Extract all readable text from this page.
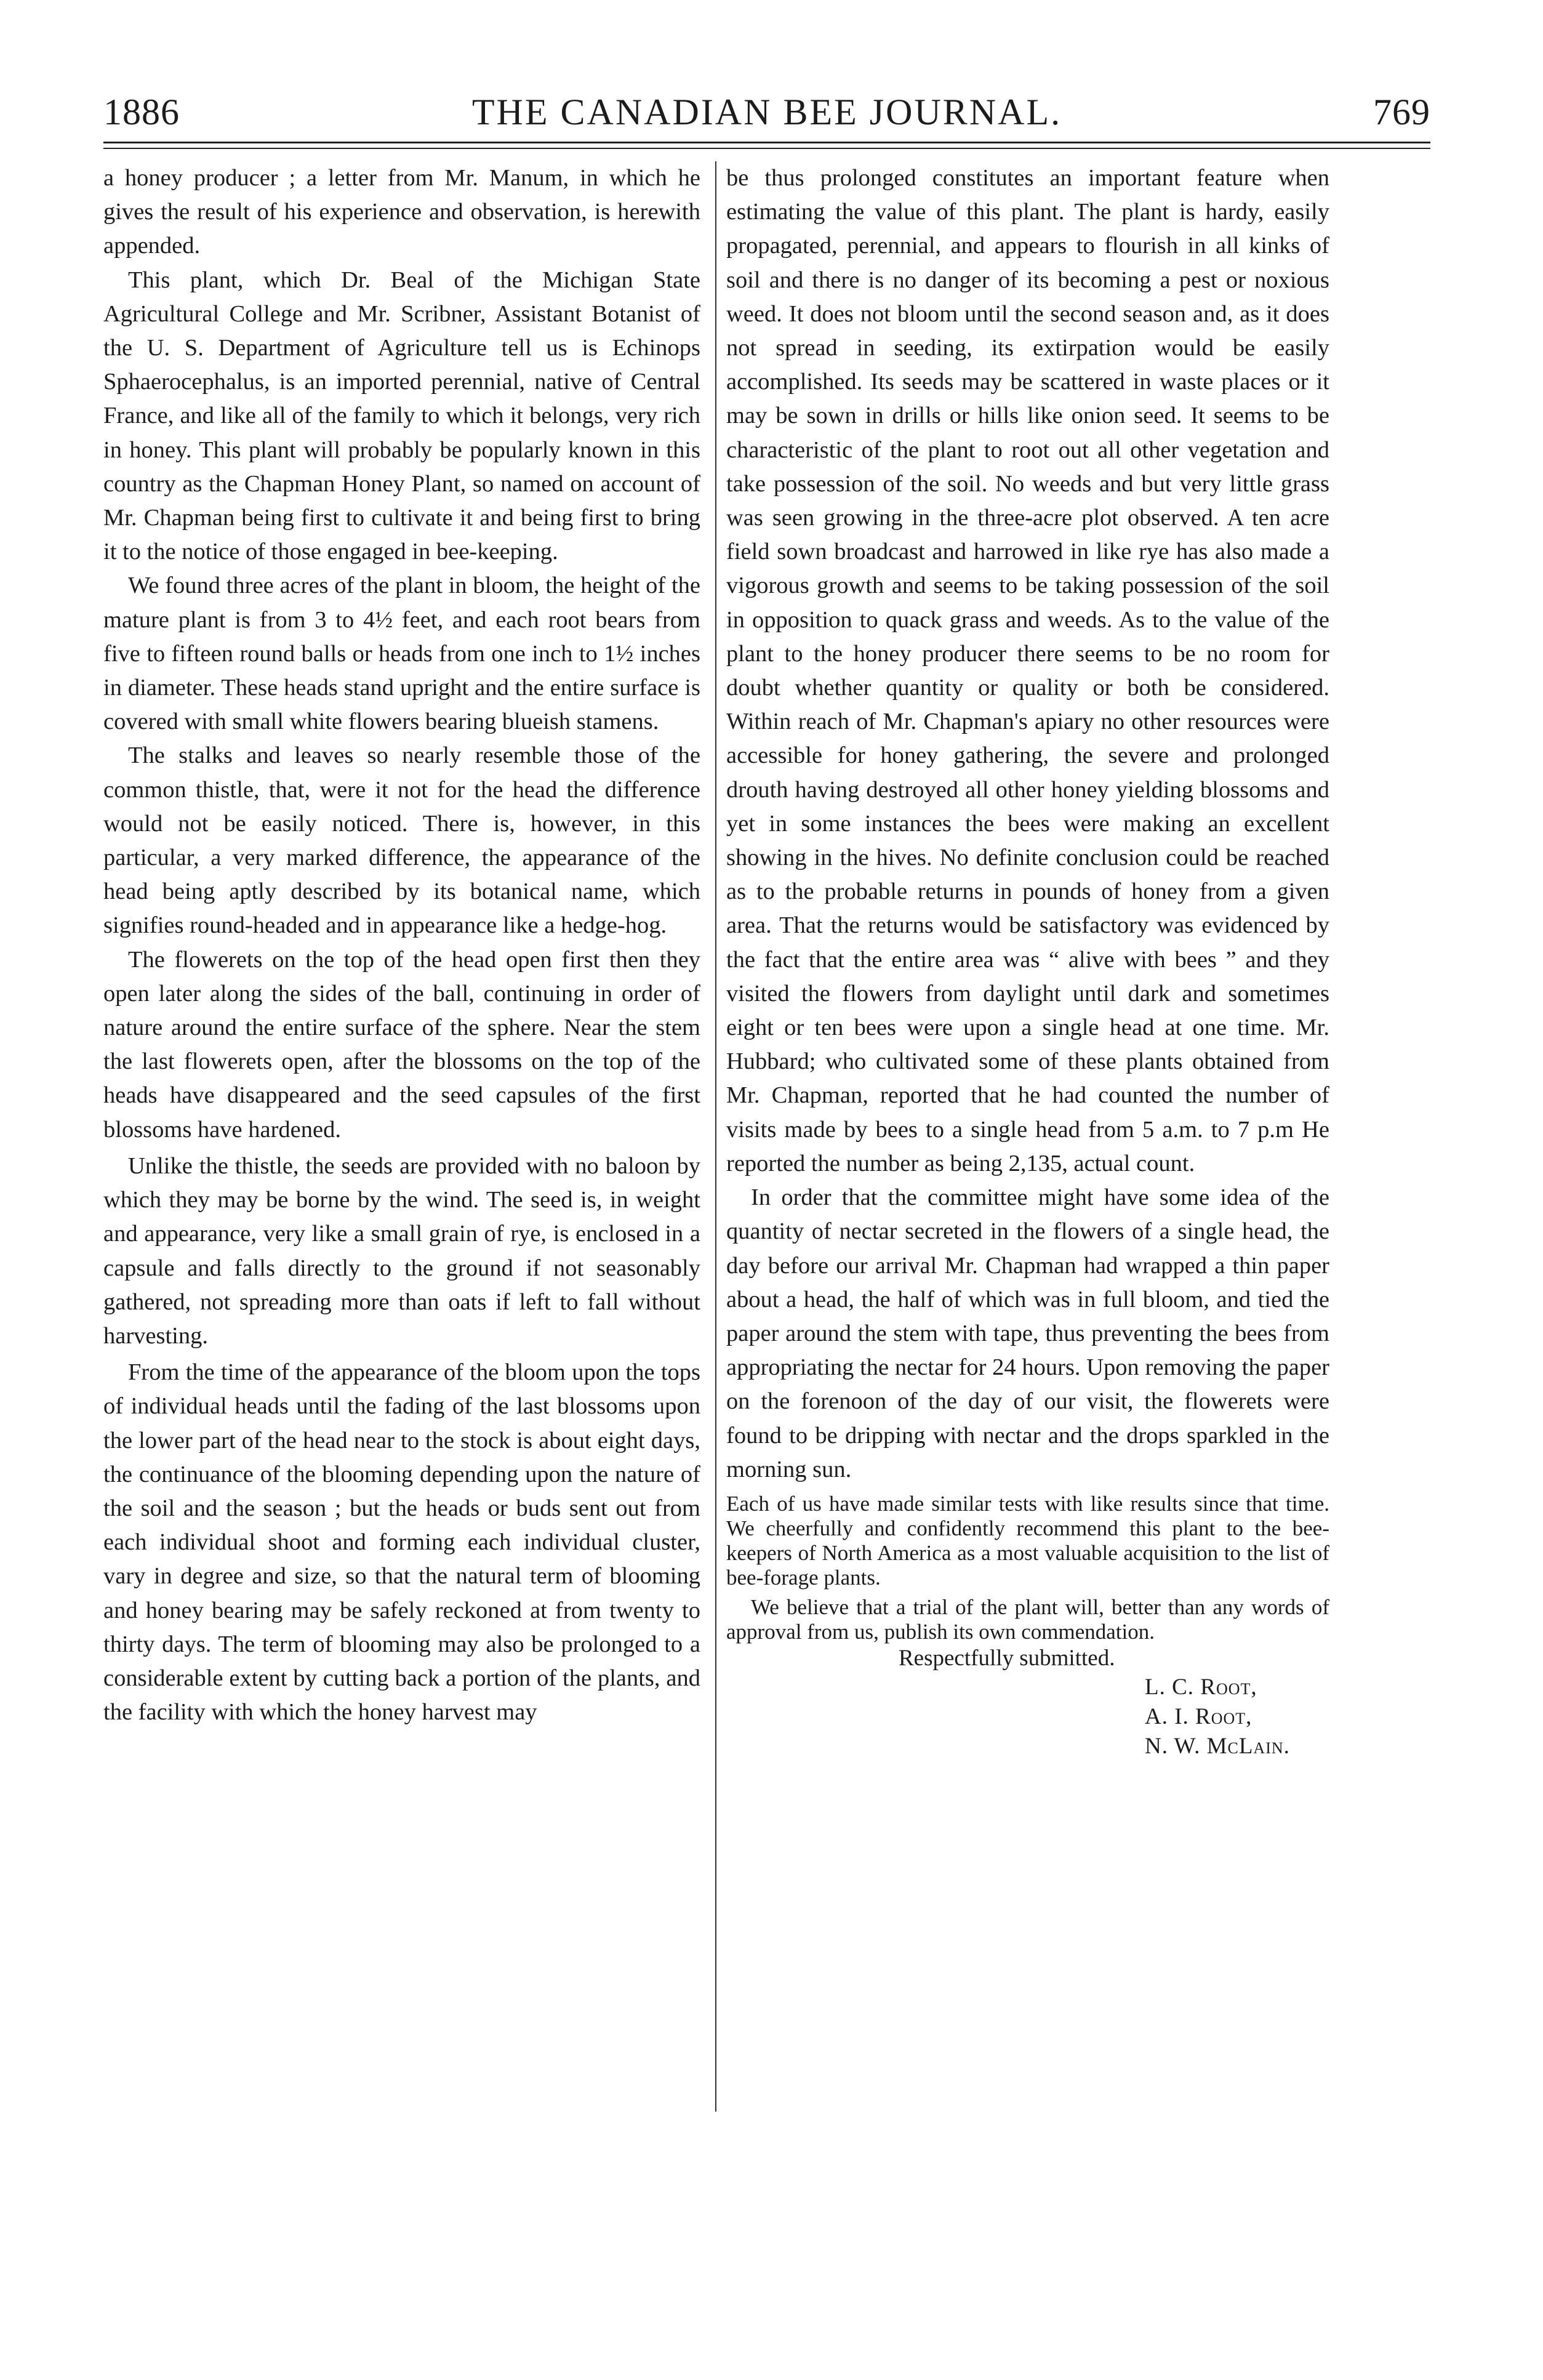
1886	THE CANADIAN BEE JOURNAL.	769

a honey producer ; a letter from Mr. Manum, in which he gives the result of his experience and observation, is herewith appended.

This plant, which Dr. Beal of the Michigan State Agricultural College and Mr. Scribner, Assistant Botanist of the U. S. Department of Agriculture tell us is Echinops Sphaerocephalus, is an imported perennial, native of Central France, and like all of the family to which it belongs, very rich in honey. This plant will probably be popularly known in this country as the Chapman Honey Plant, so named on account of Mr. Chapman being first to cultivate it and being first to bring it to the notice of those engaged in bee-keeping.

We found three acres of the plant in bloom, the height of the mature plant is from 3 to 4½ feet, and each root bears from five to fifteen round balls or heads from one inch to 1½ inches in diameter. These heads stand upright and the entire surface is covered with small white flowers bearing blueish stamens.

The stalks and leaves so nearly resemble those of the common thistle, that, were it not for the head the difference would not be easily noticed. There is, however, in this particular, a very marked difference, the appearance of the head being aptly described by its botanical name, which signifies round-headed and in appearance like a hedge-hog.

The flowerets on the top of the head open first then they open later along the sides of the ball, continuing in order of nature around the entire surface of the sphere. Near the stem the last flowerets open, after the blossoms on the top of the heads have disappeared and the seed capsules of the first blossoms have hardened.

Unlike the thistle, the seeds are provided with no baloon by which they may be borne by the wind. The seed is, in weight and appearance, very like a small grain of rye, is enclosed in a capsule and falls directly to the ground if not seasonably gathered, not spreading more than oats if left to fall without harvesting.

From the time of the appearance of the bloom upon the tops of individual heads until the fading of the last blossoms upon the lower part of the head near to the stock is about eight days, the continuance of the blooming depending upon the nature of the soil and the season ; but the heads or buds sent out from each individual shoot and forming each individual cluster, vary in degree and size, so that the natural term of blooming and honey bearing may be safely reckoned at from twenty to thirty days. The term of blooming may also be prolonged to a considerable extent by cutting back a portion of the plants, and the facility with which the honey harvest may

be thus prolonged constitutes an important feature when estimating the value of this plant. The plant is hardy, easily propagated, perennial, and appears to flourish in all kinks of soil and there is no danger of its becoming a pest or noxious weed. It does not bloom until the second season and, as it does not spread in seeding, its extirpation would be easily accomplished. Its seeds may be scattered in waste places or it may be sown in drills or hills like onion seed. It seems to be characteristic of the plant to root out all other vegetation and take possession of the soil. No weeds and but very little grass was seen growing in the three-acre plot observed. A ten acre field sown broadcast and harrowed in like rye has also made a vigorous growth and seems to be taking possession of the soil in opposition to quack grass and weeds. As to the value of the plant to the honey producer there seems to be no room for doubt whether quantity or quality or both be considered. Within reach of Mr. Chapman's apiary no other resources were accessible for honey gathering, the severe and prolonged drouth having destroyed all other honey yielding blossoms and yet in some instances the bees were making an excellent showing in the hives. No definite conclusion could be reached as to the probable returns in pounds of honey from a given area. That the returns would be satisfactory was evidenced by the fact that the entire area was “ alive with bees ” and they visited the flowers from daylight until dark and sometimes eight or ten bees were upon a single head at one time. Mr. Hubbard; who cultivated some of these plants obtained from Mr. Chapman, reported that he had counted the number of visits made by bees to a single head from 5 a.m. to 7 p.m He reported the number as being 2,135, actual count.

In order that the committee might have some idea of the quantity of nectar secreted in the flowers of a single head, the day before our arrival Mr. Chapman had wrapped a thin paper about a head, the half of which was in full bloom, and tied the paper around the stem with tape, thus preventing the bees from appropriating the nectar for 24 hours. Upon removing the paper on the forenoon of the day of our visit, the flowerets were found to be dripping with nectar and the drops sparkled in the morning sun.

Each of us have made similar tests with like results since that time. We cheerfully and confidently recommend this plant to the bee-keepers of North America as a most valuable acquisition to the list of bee-forage plants.

We believe that a trial of the plant will, better than any words of approval from us, publish its own commendation.

Respectfully submitted.

L. C. Root,
A. I. Root,
N. W. McLain.
